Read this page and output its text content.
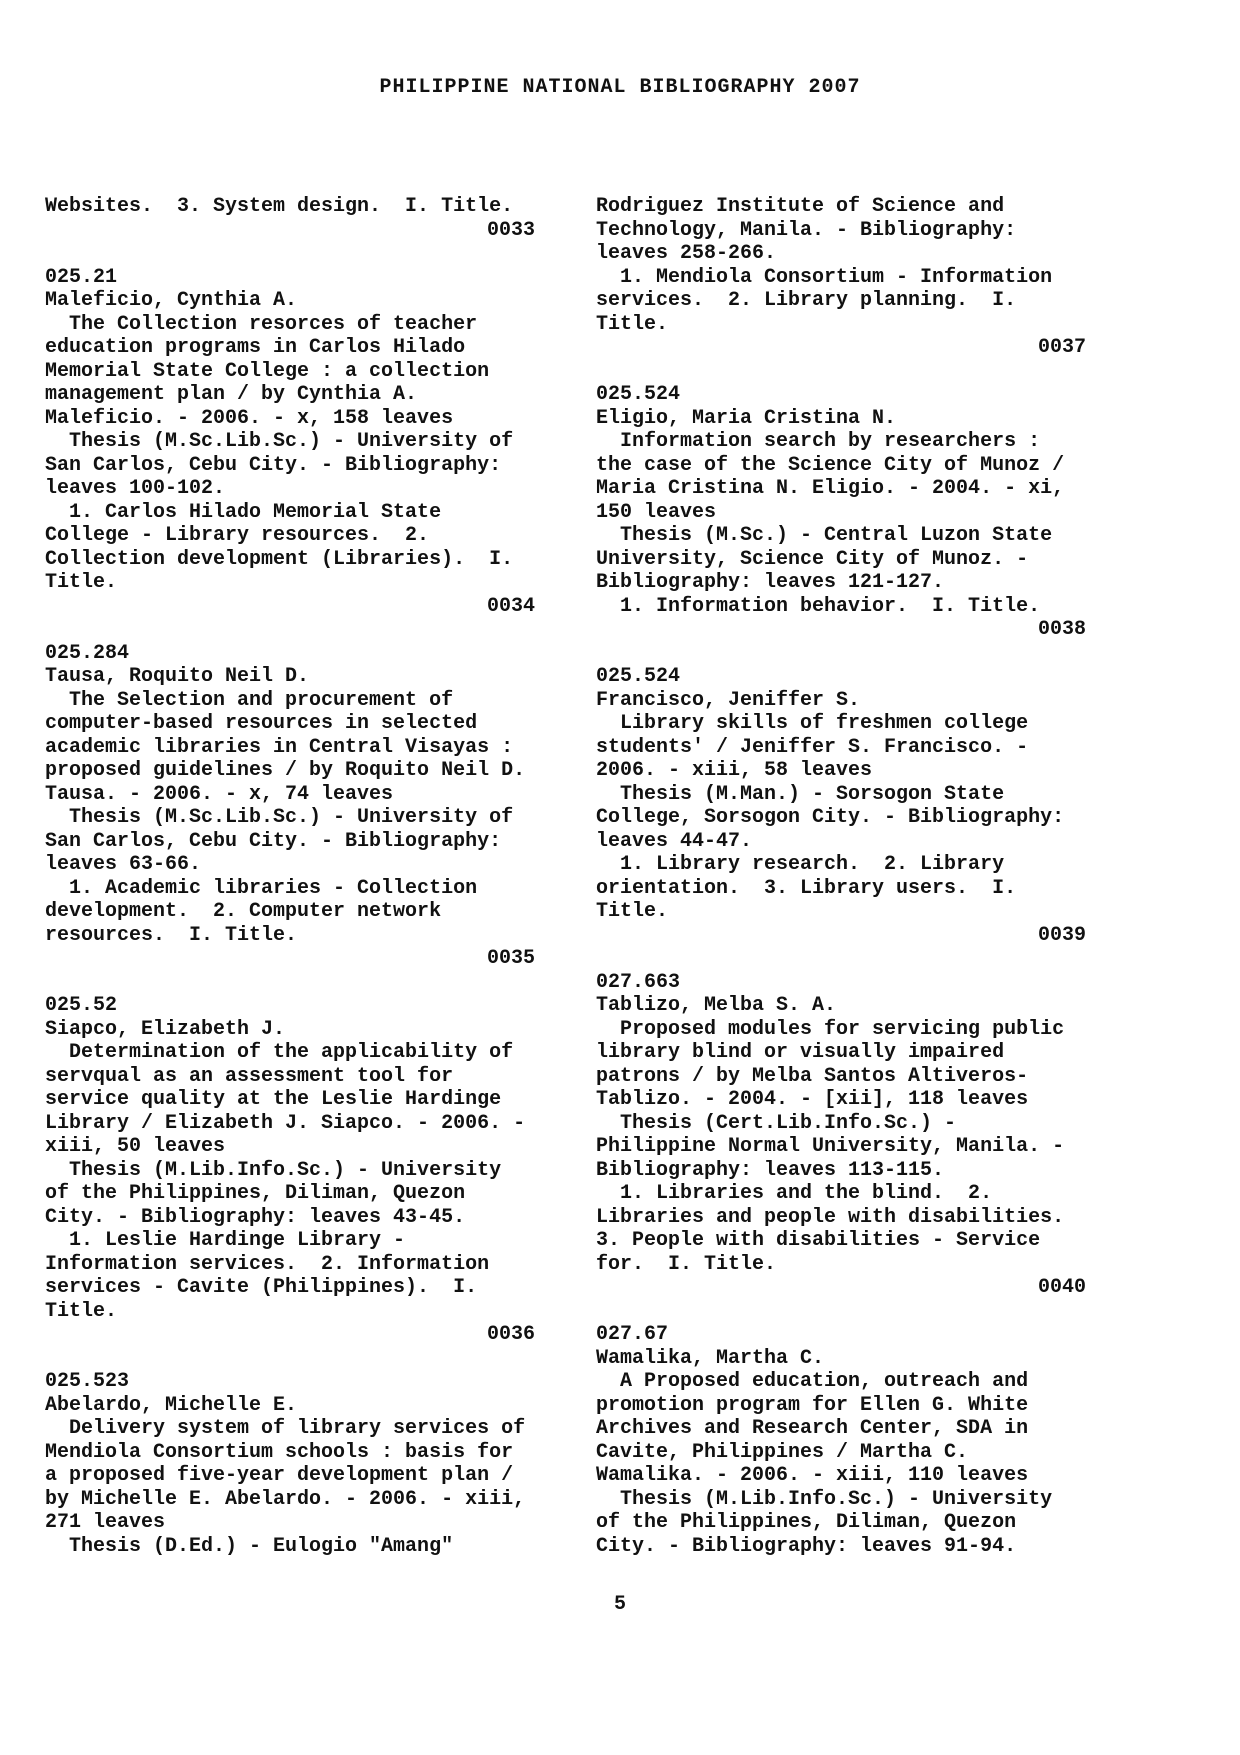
PHILIPPINE NATIONAL BIBLIOGRAPHY 2007
Websites.  3. System design.  I. Title.
0033
025.21
Maleficio, Cynthia A.
The Collection resorces of teacher
education programs in Carlos Hilado
Memorial State College : a collection
management plan / by Cynthia A.
Maleficio. - 2006. - x, 158 leaves
Thesis (M.Sc.Lib.Sc.) - University of
San Carlos, Cebu City. - Bibliography:
leaves 100-102.
1. Carlos Hilado Memorial State
College - Library resources.  2.
Collection development (Libraries).  I.
Title.
0034
025.284
Tausa, Roquito Neil D.
The Selection and procurement of
computer-based resources in selected
academic libraries in Central Visayas :
proposed guidelines / by Roquito Neil D.
Tausa. - 2006. - x, 74 leaves
Thesis (M.Sc.Lib.Sc.) - University of
San Carlos, Cebu City. - Bibliography:
leaves 63-66.
1. Academic libraries - Collection
development.  2. Computer network
resources.  I. Title.
0035
025.52
Siapco, Elizabeth J.
Determination of the applicability of
servqual as an assessment tool for
service quality at the Leslie Hardinge
Library / Elizabeth J. Siapco. - 2006. -
xiii, 50 leaves
Thesis (M.Lib.Info.Sc.) - University
of the Philippines, Diliman, Quezon
City. - Bibliography: leaves 43-45.
1. Leslie Hardinge Library -
Information services.  2. Information
services - Cavite (Philippines).  I.
Title.
0036
025.523
Abelardo, Michelle E.
Delivery system of library services of
Mendiola Consortium schools : basis for
a proposed five-year development plan /
by Michelle E. Abelardo. - 2006. - xiii,
271 leaves
Thesis (D.Ed.) - Eulogio "Amang"
Rodriguez Institute of Science and
Technology, Manila. - Bibliography:
leaves 258-266.
1. Mendiola Consortium - Information
services.  2. Library planning.  I.
Title.
0037
025.524
Eligio, Maria Cristina N.
Information search by researchers :
the case of the Science City of Munoz /
Maria Cristina N. Eligio. - 2004. - xi,
150 leaves
Thesis (M.Sc.) - Central Luzon State
University, Science City of Munoz. -
Bibliography: leaves 121-127.
1. Information behavior.  I. Title.
0038
025.524
Francisco, Jeniffer S.
Library skills of freshmen college
students' / Jeniffer S. Francisco. -
2006. - xiii, 58 leaves
Thesis (M.Man.) - Sorsogon State
College, Sorsogon City. - Bibliography:
leaves 44-47.
1. Library research.  2. Library
orientation.  3. Library users.  I.
Title.
0039
027.663
Tablizo, Melba S. A.
Proposed modules for servicing public
library blind or visually impaired
patrons / by Melba Santos Altiveros-
Tablizo. - 2004. - [xii], 118 leaves
Thesis (Cert.Lib.Info.Sc.) -
Philippine Normal University, Manila. -
Bibliography: leaves 113-115.
1. Libraries and the blind.  2.
Libraries and people with disabilities.
3. People with disabilities - Service
for.  I. Title.
0040
027.67
Wamalika, Martha C.
A Proposed education, outreach and
promotion program for Ellen G. White
Archives and Research Center, SDA in
Cavite, Philippines / Martha C.
Wamalika. - 2006. - xiii, 110 leaves
Thesis (M.Lib.Info.Sc.) - University
of the Philippines, Diliman, Quezon
City. - Bibliography: leaves 91-94.
5
